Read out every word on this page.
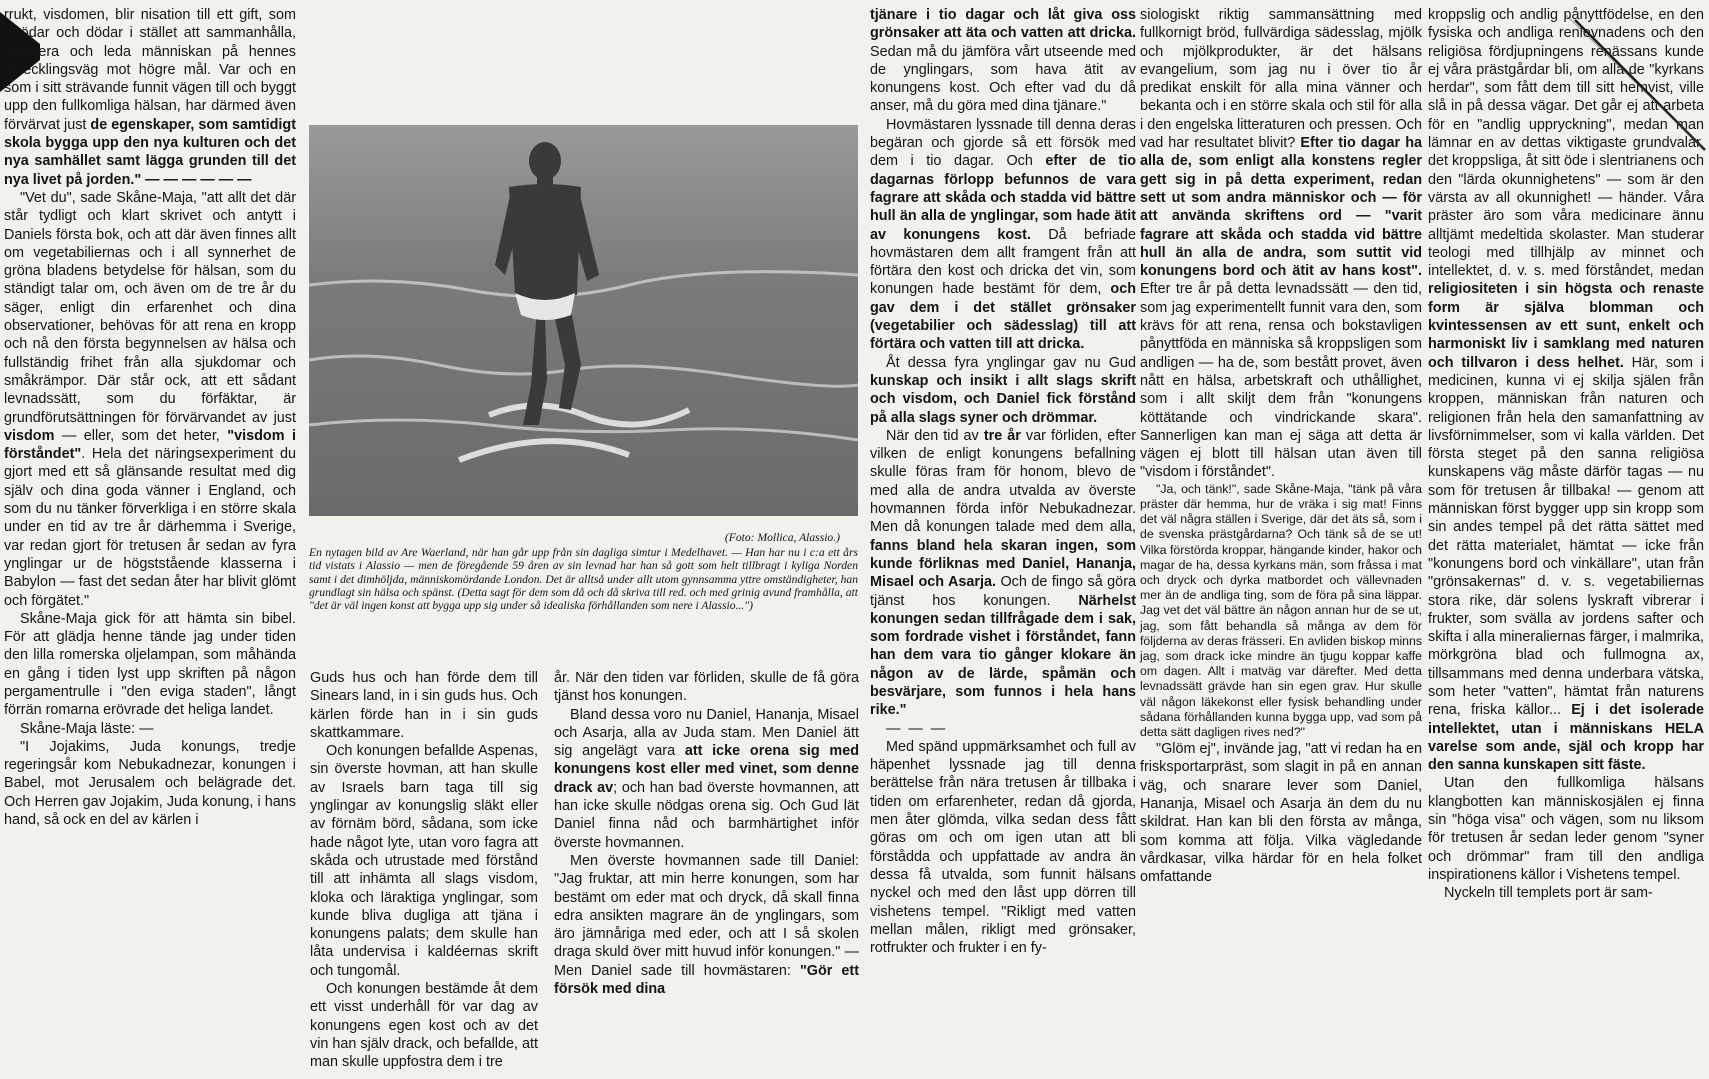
rrukt, visdomen, blir nisation till ett gift, som förödar och dödar i stället att sammanhålla, inspirera och leda människan på hennes utvecklingsväg mot högre mål. Var och en som i sitt strävande funnit vägen till och byggt upp den fullkomliga hälsan, har därmed även förvärvat just de egenskaper, som samtidigt skola bygga upp den nya kulturen och det nya samhället samt lägga grunden till det nya livet på jorden." — — — — — —

"Vet du", sade Skåne-Maja, "att allt det där står tydligt och klart skrivet och antytt i Daniels första bok, och att där även finnes allt om vegetabiliernas och i all synnerhet de gröna bladens betydelse för hälsan, som du ständigt talar om, och även om de tre år du säger, enligt din erfarenhet och dina observationer, behövas för att rena en kropp och nå den första begynnelsen av hälsa och fullständig frihet från alla sjukdomar och småkrämpor. Där står ock, att ett sådant levnadssätt, som du förfäktar, är grundförutsättningen för förvärvandet av just visdom — eller, som det heter, "visdom i förståndet". Hela det näringsexperiment du gjort med ett så glänsande resultat med dig själv och dina goda vänner i England, och som du nu tänker förverkliga i en större skala under en tid av tre år därhemma i Sverige, var redan gjort för tretusen år sedan av fyra ynglingar ur de högststående klasserna i Babylon — fast det sedan åter har blivit glömt och förgätet."

Skåne-Maja gick för att hämta sin bibel. För att glädja henne tände jag under tiden den lilla romerska oljelampan, som måhända en gång i tiden lyst upp skriften på någon pergamentrulle i "den eviga staden", långt förrän romarna erövrade det heliga landet.

Skåne-Maja läste: —

"I Jojakims, Juda konungs, tredje regeringsår kom Nebukadnezar, konungen i Babel, mot Jerusalem och belägrade det. Och Herren gav Jojakim, Juda konung, i hans hand, så ock en del av kärlen i

(Foto: Mollica, Alassio.)
En nytagen bild av Are Waerland, när han går upp från sin dagliga simtur i Medelhavet. — Han har nu i c:a ett års tid vistats i Alassio — men de föregående 59 åren av sin levnad har han så gott som helt tillbragt i kyliga Norden samt i det dimhöljda, människomördande London. Det är alltså under allt utom gynnsamma yttre omständigheter, han grundlagt sin hälsa och spänst. (Detta sagt för dem som då och då skriva till red. och med grinig avund framhålla, att "det är väl ingen konst att bygga upp sig under så idealiska förhållanden som nere i Alassio...")

Guds hus och han förde dem till Sinears land, in i sin guds hus. Och kärlen förde han in i sin guds skattkammare.

Och konungen befallde Aspenas, sin överste hovman, att han skulle av Israels barn taga till sig ynglingar av konungslig släkt eller av förnäm börd, sådana, som icke hade något lyte, utan voro fagra att skåda och utrustade med förstånd till att inhämta all slags visdom, kloka och läraktiga ynglingar, som kunde bliva dugliga att tjäna i konungens palats; dem skulle han låta undervisa i kaldéernas skrift och tungomål.

Och konungen bestämde åt dem ett visst underhåll för var dag av konungens egen kost och av det vin han själv drack, och befallde, att man skulle uppfostra dem i tre

år. När den tiden var förliden, skulle de få göra tjänst hos konungen.

Bland dessa voro nu Daniel, Hananja, Misael och Asarja, alla av Juda stam. Men Daniel ätt sig angelägt vara att icke orena sig med konungens kost eller med vinet, som denne drack av; och han bad överste hovmannen, att han icke skulle nödgas orena sig. Och Gud lät Daniel finna nåd och barmhärtighet inför överste hovmannen.

Men överste hovmannen sade till Daniel: "Jag fruktar, att min herre konungen, som har bestämt om eder mat och dryck, då skall finna edra ansikten magrare än de ynglingars, som äro jämnåriga med eder, och att I så skolen draga skuld över mitt huvud inför konungen." — Men Daniel sade till hovmästaren: "Gör ett försök med dina

tjänare i tio dagar och låt giva oss grönsaker att äta och vatten att dricka. Sedan må du jämföra vårt utseende med de ynglingars, som hava ätit av konungens kost. Och efter vad du då anser, må du göra med dina tjänare."

Hovmästaren lyssnade till denna deras begäran och gjorde så ett försök med dem i tio dagar. Och efter de tio dagarnas förlopp befunnos de vara fagrare att skåda och stadda vid bättre hull än alla de ynglingar, som hade ätit av konungens kost. Då befriade hovmästaren dem allt framgent från att förtära den kost och dricka det vin, som konungen hade bestämt för dem, och gav dem i det stället grönsaker (vegetabilier och sädesslag) till att förtära och vatten till att dricka.

Åt dessa fyra ynglingar gav nu Gud kunskap och insikt i allt slags skrift och visdom, och Daniel fick förstånd på alla slags syner och drömmar.

När den tid av tre år var förliden, efter vilken de enligt konungens befallning skulle föras fram för honom, blevo de med alla de andra utvalda av överste hovmannen förda inför Nebukadnezar. Men då konungen talade med dem alla, fanns bland hela skaran ingen, som kunde förliknas med Daniel, Hananja, Misael och Asarja. Och de fingo så göra tjänst hos konungen. Närhelst konungen sedan tillfrågade dem i sak, som fordrade vishet i förståndet, fann han dem vara tio gånger klokare än någon av de lärde, spåmän och besvärjare, som funnos i hela hans rike."

— — —

Med spänd uppmärksamhet och full av häpenhet lyssnade jag till denna berättelse från nära tretusen år tillbaka i tiden om erfarenheter, redan då gjorda, men åter glömda, vilka sedan dess fått göras om och om igen utan att bli förstådda och uppfattade av andra än dessa få utvalda, som funnit hälsans nyckel och med den låst upp dörren till vishetens tempel. "Rikligt med vatten mellan målen, rikligt med grönsaker, rotfrukter och frukter i en fy-

siologiskt riktig sammansättning med fullkornigt bröd, fullvärdiga sädesslag, mjölk och mjölkprodukter, är det hälsans evangelium, som jag nu i över tio år predikat enskilt för alla mina vänner och bekanta och i en större skala och stil för alla i den engelska litteraturen och pressen. Och vad har resultatet blivit? Efter tio dagar ha alla de, som enligt alla konstens regler gett sig in på detta experiment, redan sett ut som andra människor och — för att använda skriftens ord — "varit fagrare att skåda och stadda vid bättre hull än alla de andra, som suttit vid konungens bord och ätit av hans kost". Efter tre år på detta levnadssätt — den tid, som jag experimentellt funnit vara den, som krävs för att rena, rensa och bokstavligen pånyttföda en människa så kroppsligen som andligen — ha de, som bestått provet, även nått en hälsa, arbetskraft och uthållighet, som i allt skiljt dem från "konungens köttätande och vindrickande skara". Sannerligen kan man ej säga att detta är vägen ej blott till hälsan utan även till "visdom i förståndet".

"Ja, och tänk!", sade Skåne-Maja, "tänk på våra präster där hemma, hur de vräka i sig mat! Finns det väl några ställen i Sverige, där det äts så, som i de svenska prästgårdarna? Och tänk så de se ut! Vilka förstörda kroppar, hängande kinder, hakor och magar de ha, dessa kyrkans män, som fråssa i mat och dryck och dyrka matbordet och vällevnaden mer än de andliga ting, som de föra på sina läppar. Jag vet det väl bättre än någon annan hur de se ut, jag, som fått behandla så många av dem för följderna av deras frässeri. En avliden biskop minns jag, som drack icke mindre än tjugu koppar kaffe om dagen. Allt i matväg var därefter. Med detta levnadssätt grävde han sin egen grav. Hur skulle väl någon läkekonst eller fysisk behandling under sådana förhållanden kunna bygga upp, vad som på detta sätt dagligen rives ned?"

"Glöm ej", invände jag, "att vi redan ha en frisksportarpräst, som slagit in på en annan väg, och snarare lever som Daniel, Hananja, Misael och Asarja än dem du nu skildrat. Han kan bli den första av många, som komma att följa. Vilka vägledande vårdkasar, vilka härdar för en hela folket omfattande

kroppslig och andlig pånyttfödelse, en den fysiska och andliga renlevnadens och den religiösa fördjupningens renässans kunde ej våra prästgårdar bli, om alla de "kyrkans herdar", som fått dem till sitt hemvist, ville slå in på dessa vägar. Det går ej att arbeta för en "andlig uppryckning", medan man lämnar en av dettas viktigaste grundvalar, det kroppsliga, åt sitt öde i slentrianens och den "lärda okunnighetens" — som är den värsta av all okunnighet! — händer. Våra präster äro som våra medicinare ännu alltjämt medeltida skolaster. Man studerar teologi med tillhjälp av minnet och intellektet, d. v. s. med förståndet, medan religiositeten i sin högsta och renaste form är själva blomman och kvintessensen av ett sunt, enkelt och harmoniskt liv i samklang med naturen och tillvaron i dess helhet. Här, som i medicinen, kunna vi ej skilja själen från kroppen, människan från naturen och religionen från hela den samanfattning av livsförnimmelser, som vi kalla världen. Det första steget på den sanna religiösa kunskapens väg måste därför tagas — nu som för tretusen år tillbaka! — genom att människan först bygger upp sin kropp som sin andes tempel på det rätta sättet med det rätta materialet, hämtat — icke från "konungens bord och vinkällare", utan från "grönsakernas" d. v. s. vegetabiliernas stora rike, där solens lyskraft vibrerar i frukter, som svälla av jordens safter och skifta i alla mineraliernas färger, i malmrika, mörkgröna blad och fullmogna ax, tillsammans med denna underbara vätska, som heter "vatten", hämtat från naturens rena, friska källor... Ej i det isolerade intellektet, utan i människans HELA varelse som ande, själ och kropp har den sanna kunskapen sitt fäste.

Utan den fullkomliga hälsans klangbotten kan människosjälen ej finna sin "höga visa" och vägen, som nu liksom för tretusen år sedan leder genom "syner och drömmar" fram till den andliga inspirationens källor i Vishetens tempel.

Nyckeln till templets port är sam-
